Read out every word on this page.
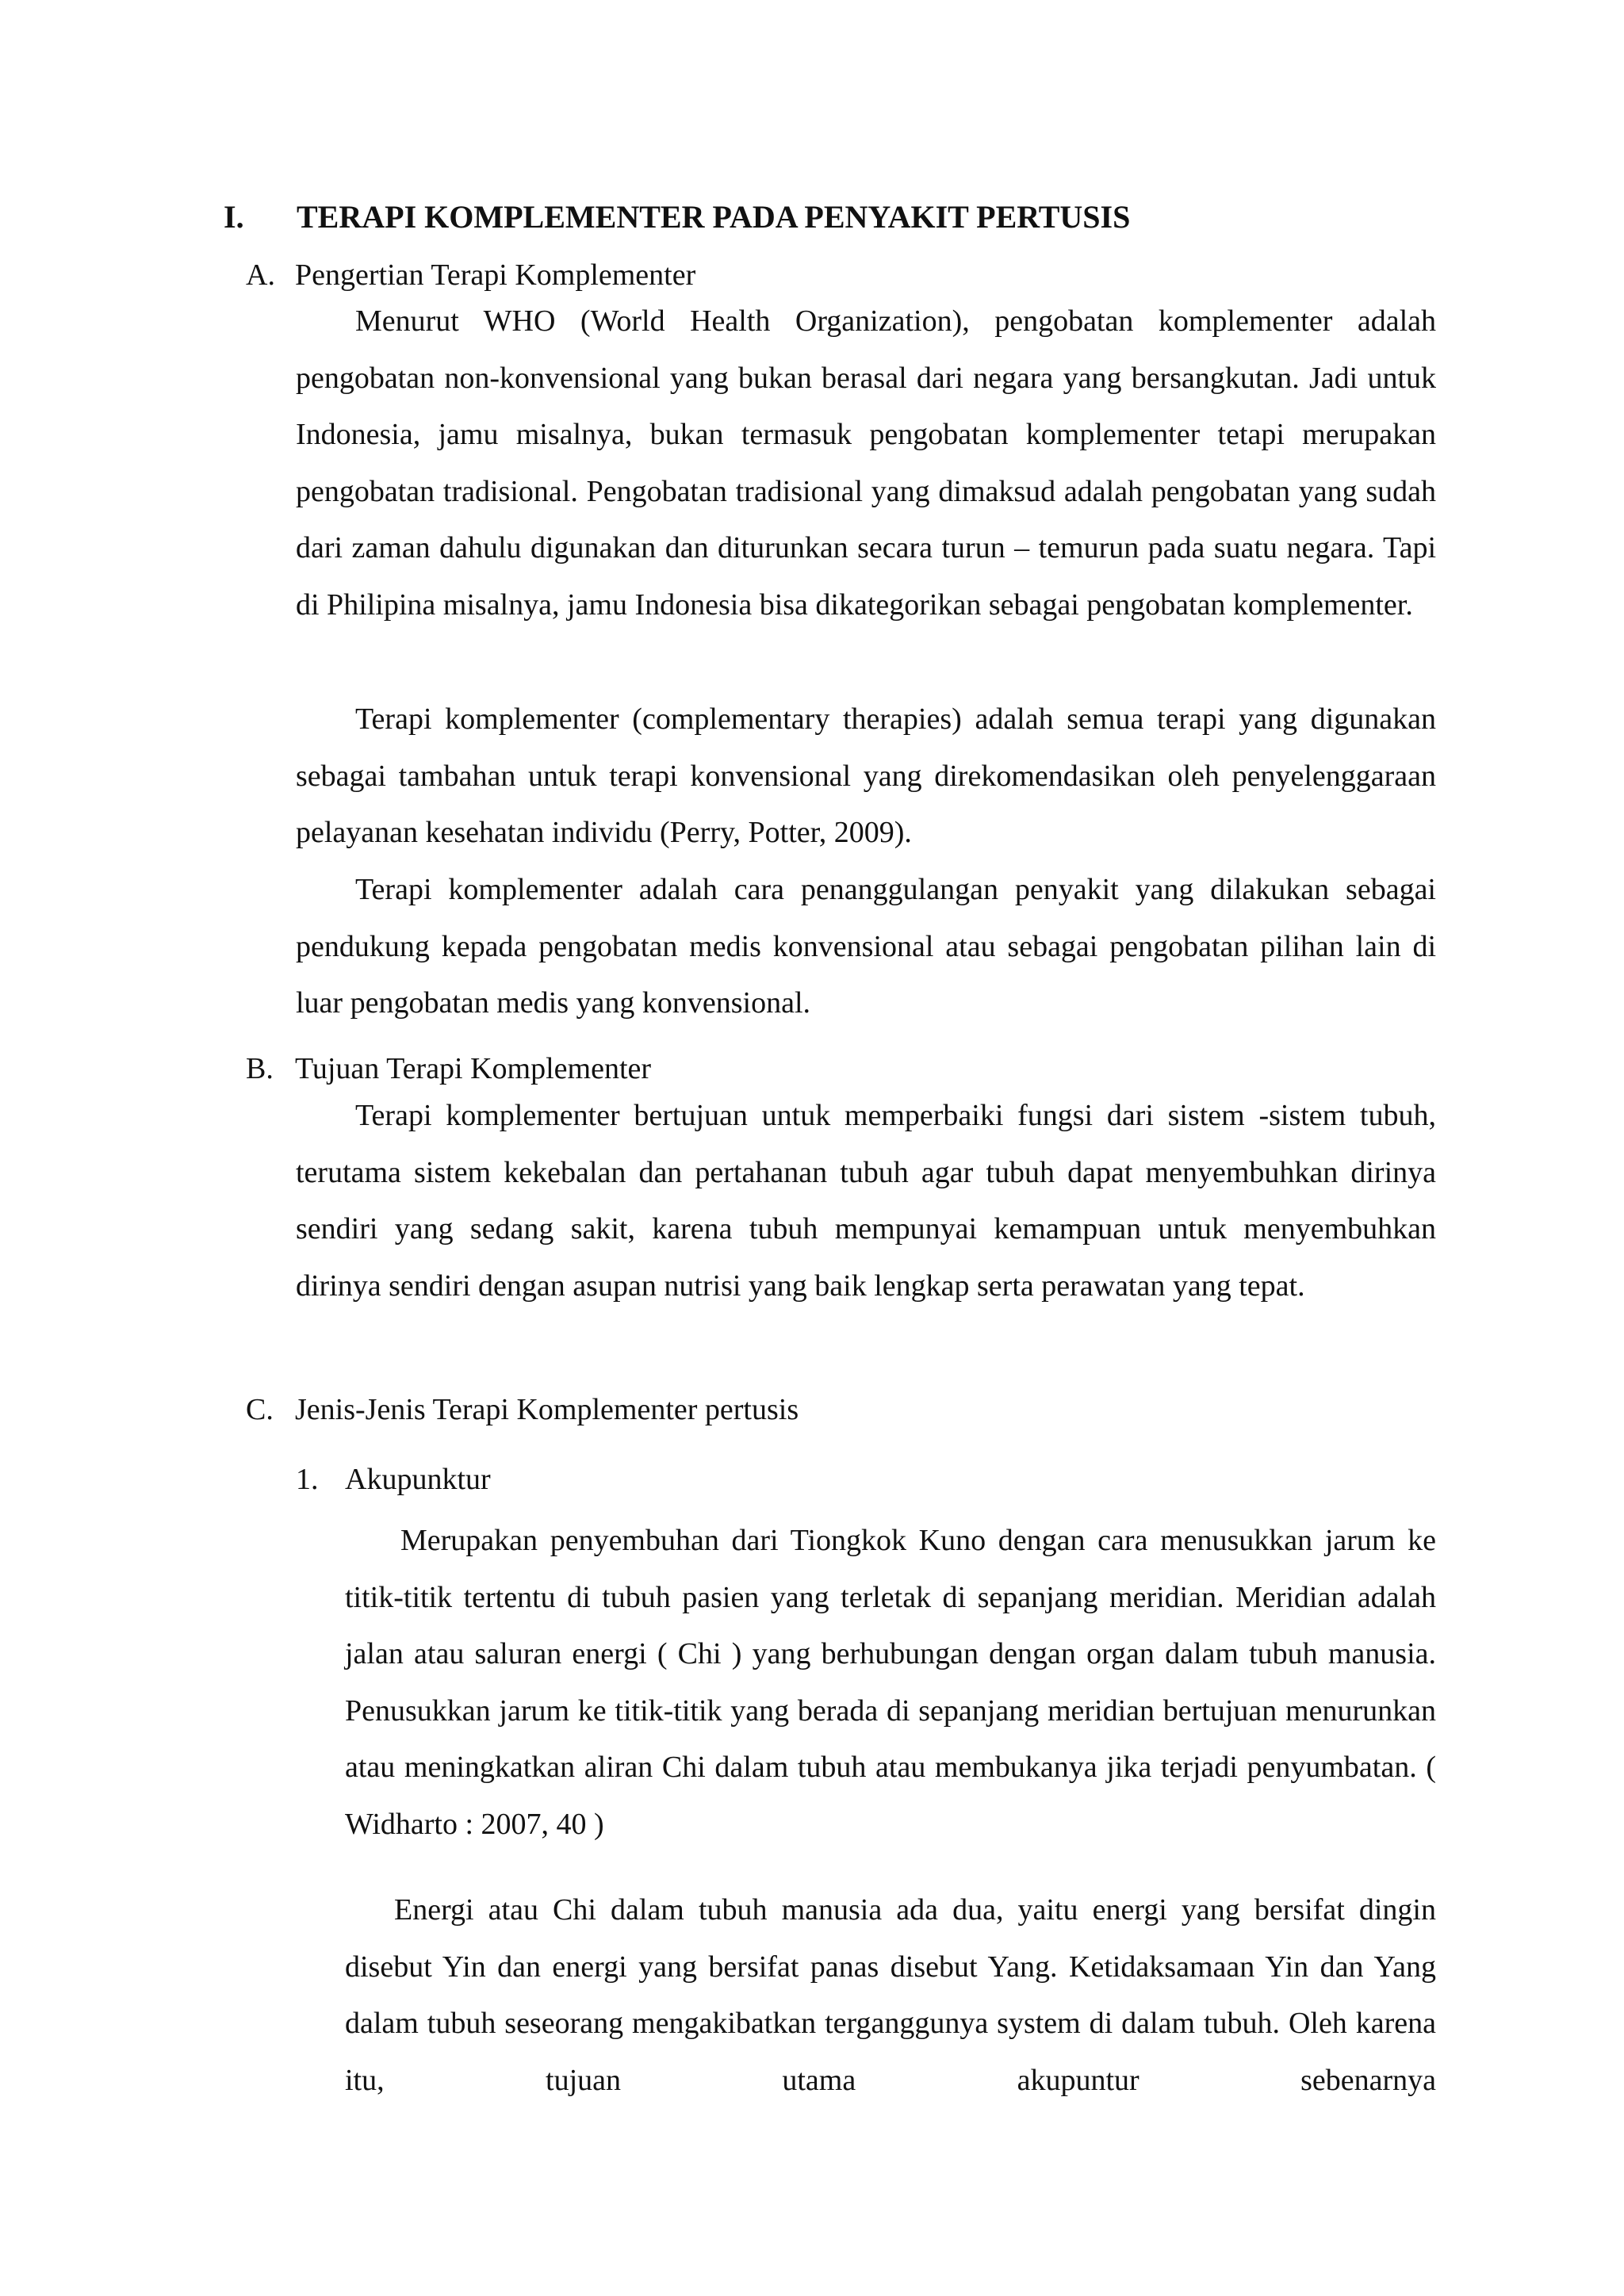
I. TERAPI KOMPLEMENTER PADA PENYAKIT PERTUSIS
A. Pengertian Terapi Komplementer

Menurut WHO (World Health Organization), pengobatan komplementer adalah pengobatan non-konvensional yang bukan berasal dari negara yang bersangkutan. Jadi untuk Indonesia, jamu misalnya, bukan termasuk pengobatan komplementer tetapi merupakan pengobatan tradisional. Pengobatan tradisional yang dimaksud adalah pengobatan yang sudah dari zaman dahulu digunakan dan diturunkan secara turun – temurun pada suatu negara. Tapi di Philipina misalnya, jamu Indonesia bisa dikategorikan sebagai pengobatan komplementer.

Terapi komplementer (complementary therapies) adalah semua terapi yang digunakan sebagai tambahan untuk terapi konvensional yang direkomendasikan oleh penyelenggaraan pelayanan kesehatan individu (Perry, Potter, 2009).

Terapi komplementer adalah cara penanggulangan penyakit yang dilakukan sebagai pendukung kepada pengobatan medis konvensional atau sebagai pengobatan pilihan lain di luar pengobatan medis yang konvensional.

B. Tujuan Terapi Komplementer

Terapi komplementer bertujuan untuk memperbaiki fungsi dari sistem -sistem tubuh, terutama sistem kekebalan dan pertahanan tubuh agar tubuh dapat menyembuhkan dirinya sendiri yang sedang sakit, karena tubuh mempunyai kemampuan untuk menyembuhkan dirinya sendiri dengan asupan nutrisi yang baik lengkap serta perawatan yang tepat.

C. Jenis-Jenis Terapi Komplementer pertusis
1. Akupunktur

Merupakan penyembuhan dari Tiongkok Kuno dengan cara menusukkan jarum ke titik-titik tertentu di tubuh pasien yang terletak di sepanjang meridian. Meridian adalah jalan atau saluran energi ( Chi ) yang berhubungan dengan organ dalam tubuh manusia. Penusukkan jarum ke titik-titik yang berada di sepanjang meridian bertujuan menurunkan atau meningkatkan aliran Chi dalam tubuh atau membukanya jika terjadi penyumbatan. ( Widharto : 2007, 40 )

Energi atau Chi dalam tubuh manusia ada dua, yaitu energi yang bersifat dingin disebut Yin dan energi yang bersifat panas disebut Yang. Ketidaksamaan Yin dan Yang dalam tubuh seseorang mengakibatkan terganggunya system di dalam tubuh. Oleh karena itu, tujuan utama akupuntur sebenarnya
